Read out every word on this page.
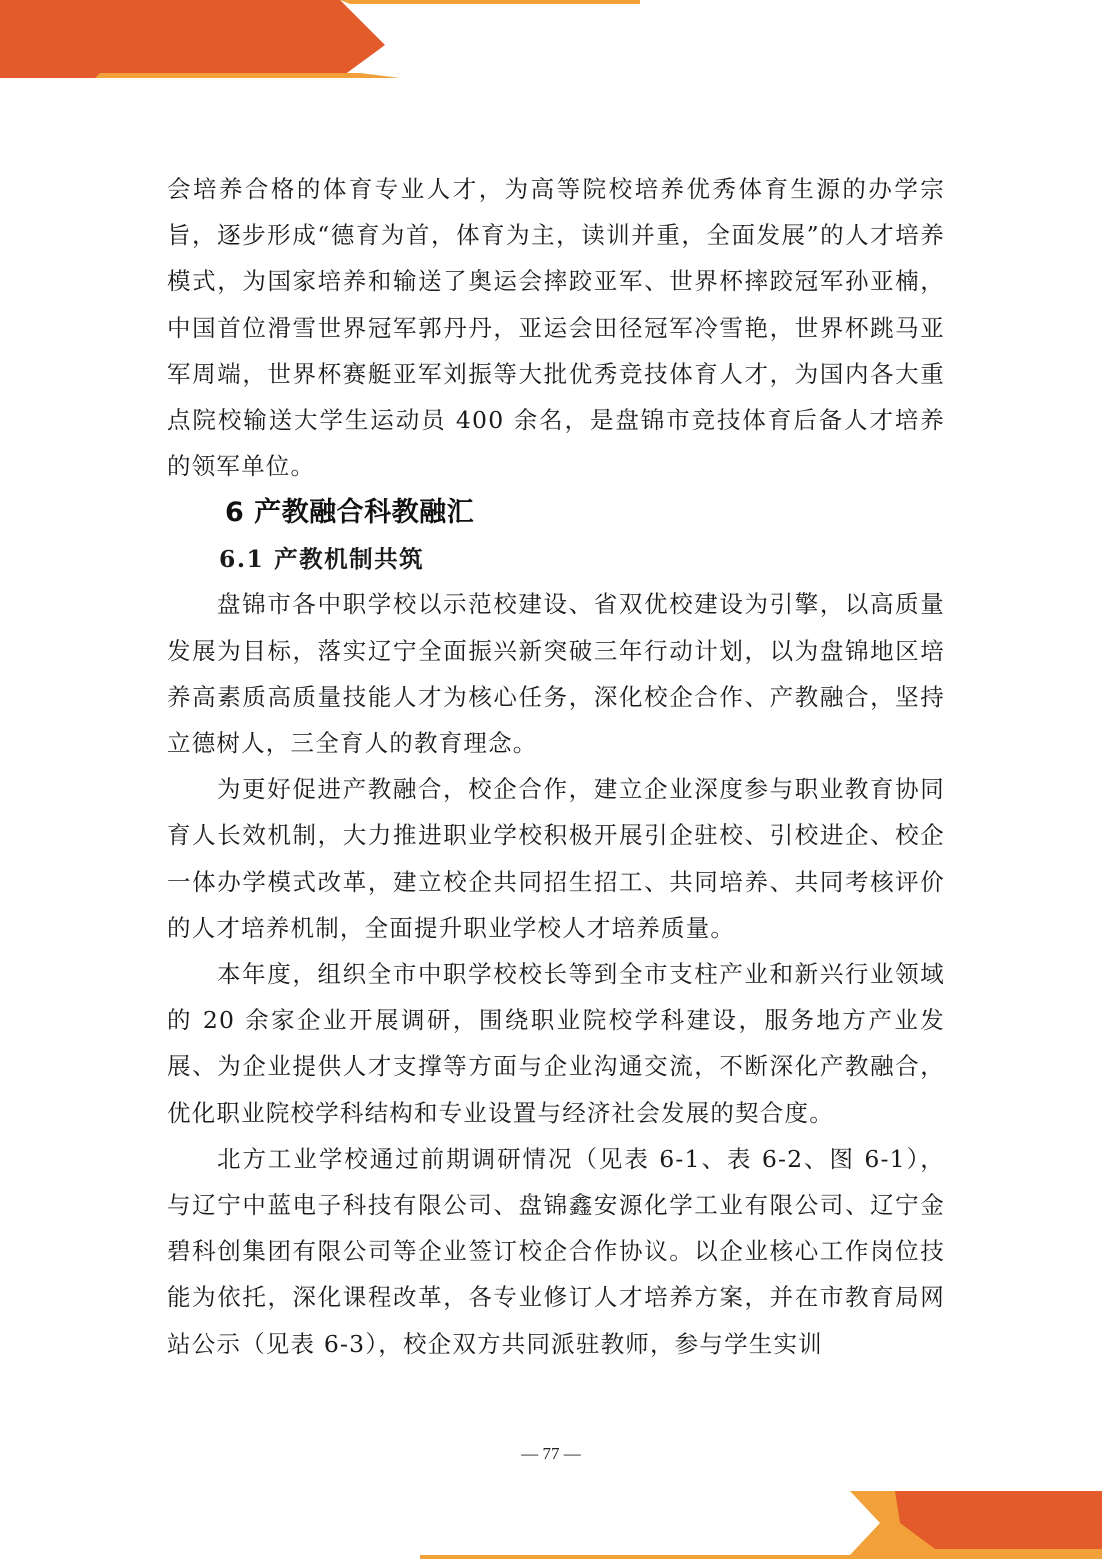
会培养合格的体育专业人才，为高等院校培养优秀体育生源的办学宗旨，逐步形成“德育为首，体育为主，读训并重，全面发展”的人才培养模式，为国家培养和输送了奥运会摔跤亚军、世界杯摔跤冠军孙亚楠，中国首位滑雪世界冠军郭丹丹，亚运会田径冠军冷雪艳，世界杯跳马亚军周端，世界杯赛艇亚军刘振等大批优秀竞技体育人才，为国内各大重点院校输送大学生运动员 400 余名，是盘锦市竞技体育后备人才培养的领军单位。

6 产教融合科教融汇
6.1 产教机制共筑

盘锦市各中职学校以示范校建设、省双优校建设为引擎，以高质量发展为目标，落实辽宁全面振兴新突破三年行动计划，以为盘锦地区培养高素质高质量技能人才为核心任务，深化校企合作、产教融合，坚持立德树人，三全育人的教育理念。

为更好促进产教融合，校企合作，建立企业深度参与职业教育协同育人长效机制，大力推进职业学校积极开展引企驻校、引校进企、校企一体办学模式改革，建立校企共同招生招工、共同培养、共同考核评价的人才培养机制，全面提升职业学校人才培养质量。

本年度，组织全市中职学校校长等到全市支柱产业和新兴行业领域的 20 余家企业开展调研，围绕职业院校学科建设，服务地方产业发展、为企业提供人才支撑等方面与企业沟通交流，不断深化产教融合，优化职业院校学科结构和专业设置与经济社会发展的契合度。

北方工业学校通过前期调研情况（见表 6-1、表 6-2、图 6-1），与辽宁中蓝电子科技有限公司、盘锦鑫安源化学工业有限公司、辽宁金碧科创集团有限公司等企业签订校企合作协议。以企业核心工作岗位技能为依托，深化课程改革，各专业修订人才培养方案，并在市教育局网站公示（见表 6-3），校企双方共同派驻教师，参与学生实训

— 77 —
